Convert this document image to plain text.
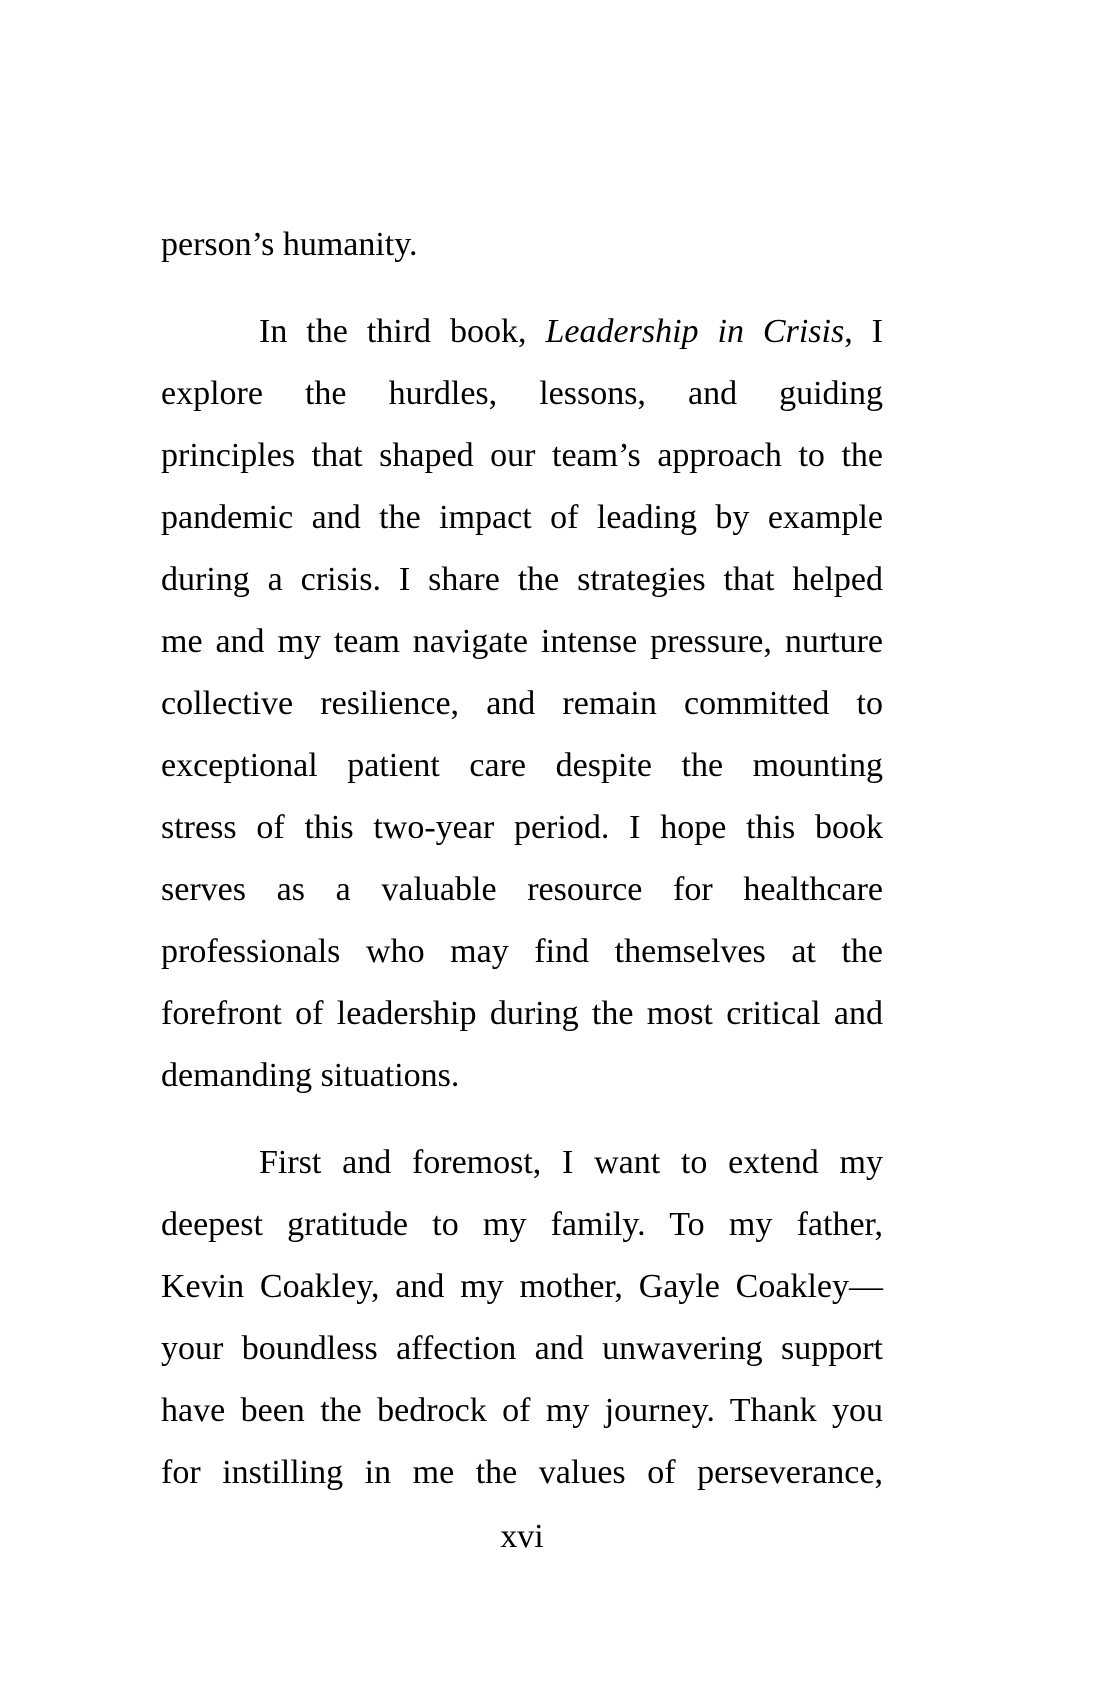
person’s humanity.
In the third book, Leadership in Crisis, I
explore the hurdles, lessons, and guiding
principles that shaped our team’s approach to the
pandemic and the impact of leading by example
during a crisis. I share the strategies that helped
me and my team navigate intense pressure, nurture
collective resilience, and remain committed to
exceptional patient care despite the mounting
stress of this two-year period. I hope this book
serves as a valuable resource for healthcare
professionals who may find themselves at the
forefront of leadership during the most critical and
demanding situations.
First and foremost, I want to extend my
deepest gratitude to my family. To my father,
Kevin Coakley, and my mother, Gayle Coakley—
your boundless affection and unwavering support
have been the bedrock of my journey. Thank you
for instilling in me the values of perseverance,
xvi
